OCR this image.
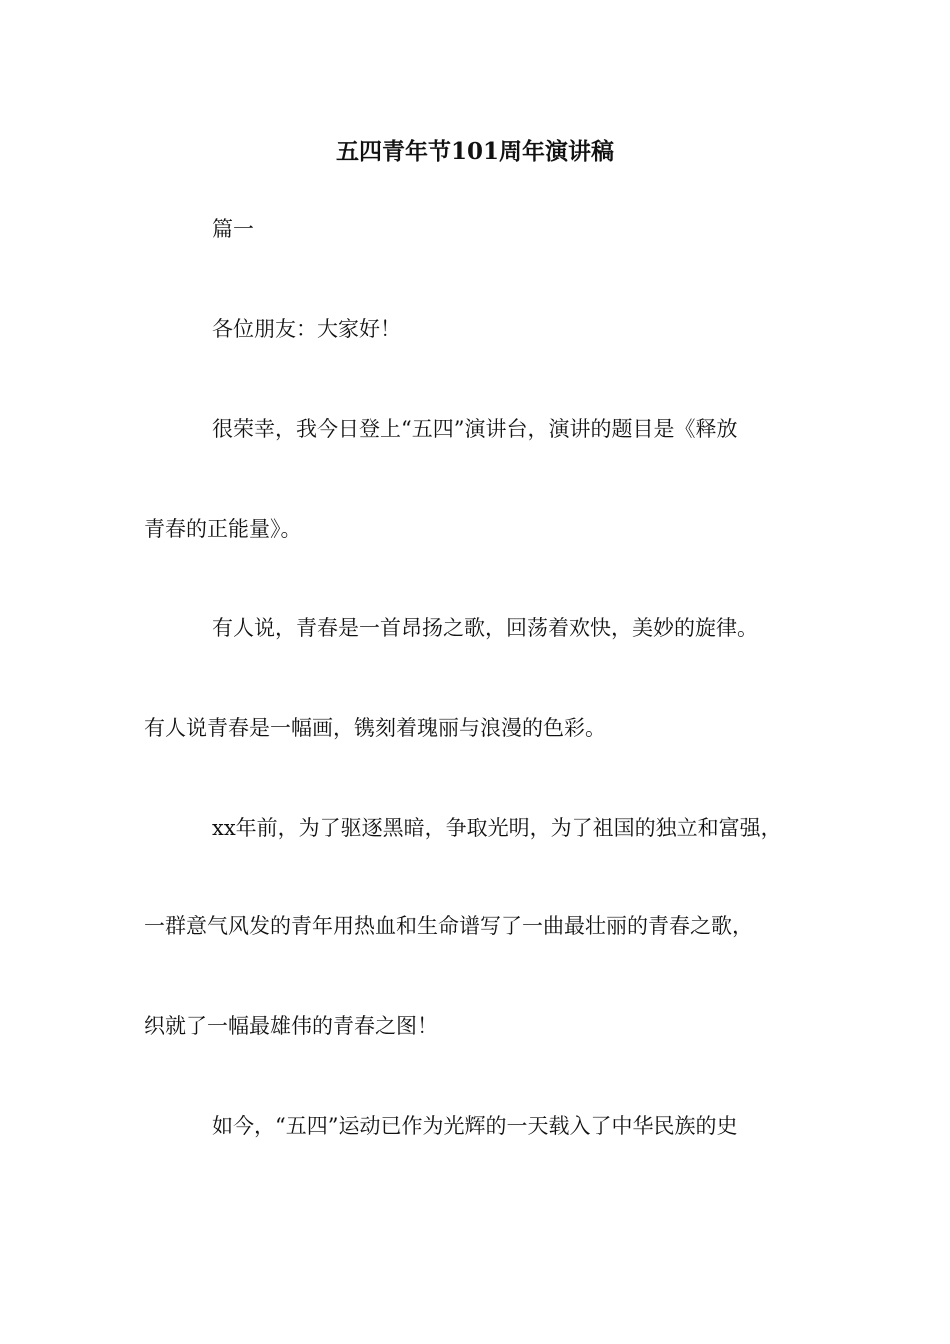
五四青年节101周年演讲稿
篇一
各位朋友：大家好！
很荣幸，我今日登上“五四”演讲台，演讲的题目是《释放
青春的正能量》。
有人说，青春是一首昂扬之歌，回荡着欢快，美妙的旋律。
有人说青春是一幅画，镌刻着瑰丽与浪漫的色彩。
xx年前，为了驱逐黑暗，争取光明，为了祖国的独立和富强，
一群意气风发的青年用热血和生命谱写了一曲最壮丽的青春之歌，
织就了一幅最雄伟的青春之图！
如今，“五四”运动已作为光辉的一天载入了中华民族的史
